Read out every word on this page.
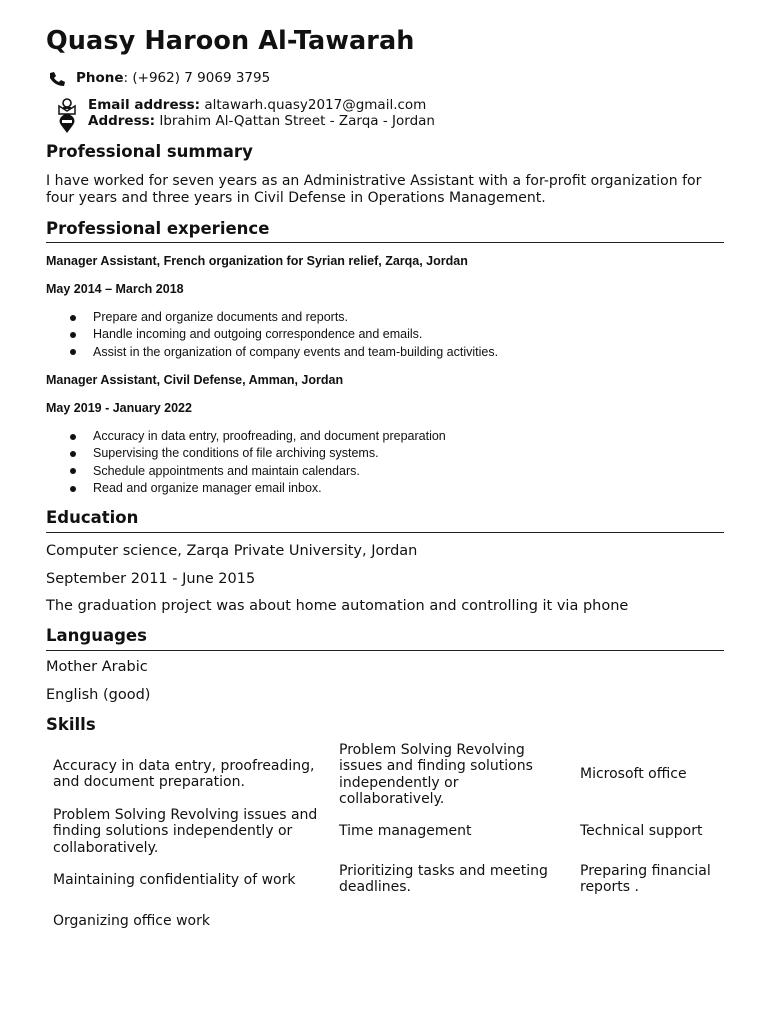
Quasy Haroon Al-Tawarah
Phone: (+962) 7 9069 3795
Email address: altawarh.quasy2017@gmail.com
Address: Ibrahim Al-Qattan Street - Zarqa - Jordan
Professional summary
I have worked for seven years as an Administrative Assistant with a for-profit organization for four years and three years in Civil Defense in Operations Management.
Professional experience
Manager Assistant, French organization for Syrian relief, Zarqa, Jordan
May 2014 – March 2018
Prepare and organize documents and reports.
Handle incoming and outgoing correspondence and emails.
Assist in the organization of company events and team-building activities.
Manager Assistant, Civil Defense, Amman, Jordan
May 2019 - January 2022
Accuracy in data entry, proofreading, and document preparation
Supervising the conditions of file archiving systems.
Schedule appointments and maintain calendars.
Read and organize manager email inbox.
Education
Computer science, Zarqa Private University, Jordan
September 2011 - June 2015
The graduation project was about home automation and controlling it via phone
Languages
Mother Arabic
English (good)
Skills
Accuracy in data entry, proofreading, and document preparation.
Problem Solving Revolving issues and finding solutions independently or collaboratively.
Microsoft office
Problem Solving Revolving issues and finding solutions independently or collaboratively.
Time management	Technical support
Maintaining confidentiality of work
Prioritizing tasks and meeting deadlines.
Preparing financial reports .
Organizing office work
